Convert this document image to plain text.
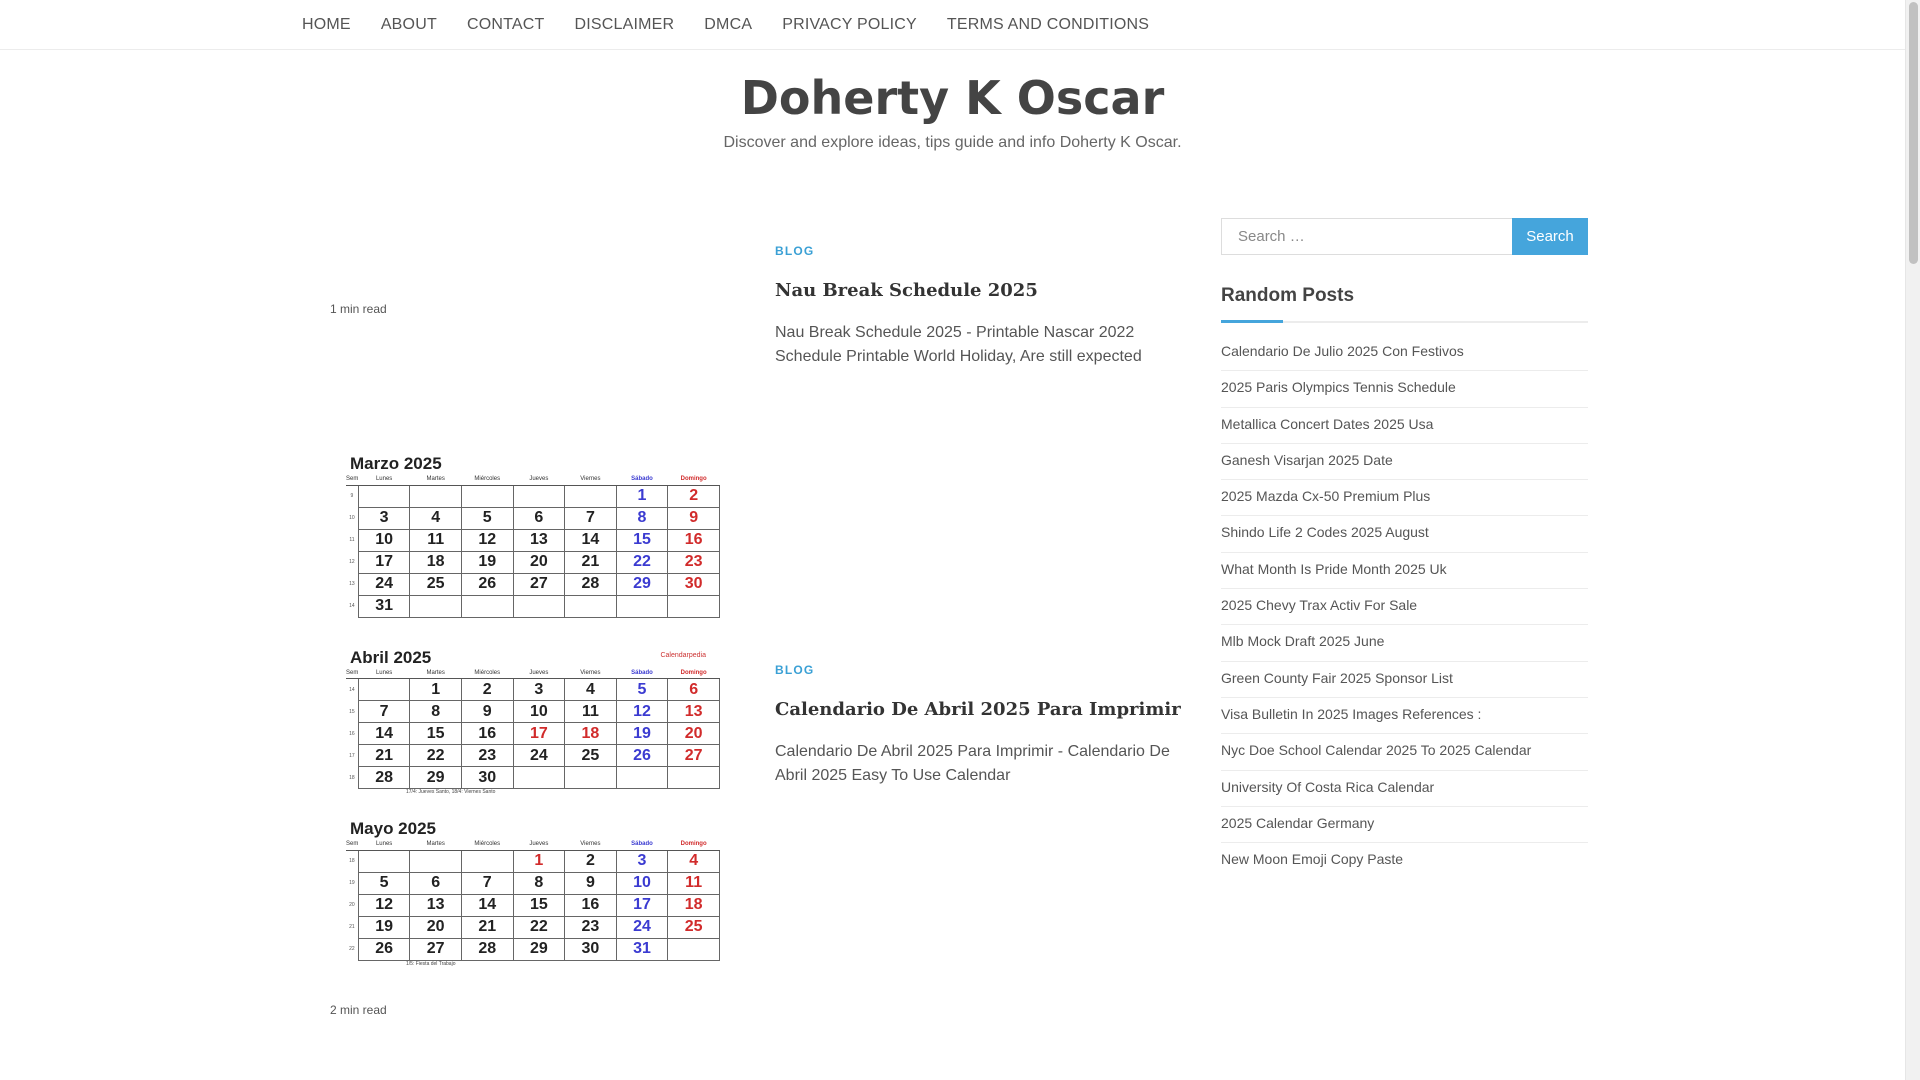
HOME ABOUT CONTACT DISCLAIMER DMCA PRIVACY POLICY TERMS AND CONDITIONS
Doherty K Oscar
Discover and explore ideas, tips guide and info Doherty K Oscar.
1 min read
BLOG
Nau Break Schedule 2025
Nau Break Schedule 2025 - Printable Nascar 2022 Schedule Printable World Holiday, Are still expected
Marzo 2025
Sem	Lunes	Martes	Miércoles	Jueves	Viernes	Sábado	Domingo
9						1	2
10	3	4	5	6	7	8	9
11	10	11	12	13	14	15	16
12	17	18	19	20	21	22	23
13	24	25	26	27	28	29	30
14	31						
Abril 2025	Calendarpedia
Sem	Lunes	Martes	Miércoles	Jueves	Viernes	Sábado	Domingo
14		1	2	3	4	5	6
15	7	8	9	10	11	12	13
16	14	15	16	17	18	19	20
17	21	22	23	24	25	26	27
18	28	29	30				
17/4: Jueves Santo, 18/4: Viernes Santo
Mayo 2025
Sem	Lunes	Martes	Miércoles	Jueves	Viernes	Sábado	Domingo
18				1	2	3	4
19	5	6	7	8	9	10	11
20	12	13	14	15	16	17	18
21	19	20	21	22	23	24	25
22	26	27	28	29	30	31	
1/5: Fiesta del Trabajo
2 min read
BLOG
Calendario De Abril 2025 Para Imprimir
Calendario De Abril 2025 Para Imprimir - Calendario De Abril 2025 Easy To Use Calendar
Search …
Search
Random Posts
Calendario De Julio 2025 Con Festivos
2025 Paris Olympics Tennis Schedule
Metallica Concert Dates 2025 Usa
Ganesh Visarjan 2025 Date
2025 Mazda Cx-50 Premium Plus
Shindo Life 2 Codes 2025 August
What Month Is Pride Month 2025 Uk
2025 Chevy Trax Activ For Sale
Mlb Mock Draft 2025 June
Green County Fair 2025 Sponsor List
Visa Bulletin In 2025 Images References :
Nyc Doe School Calendar 2025 To 2025 Calendar
University Of Costa Rica Calendar
2025 Calendar Germany
New Moon Emoji Copy Paste
